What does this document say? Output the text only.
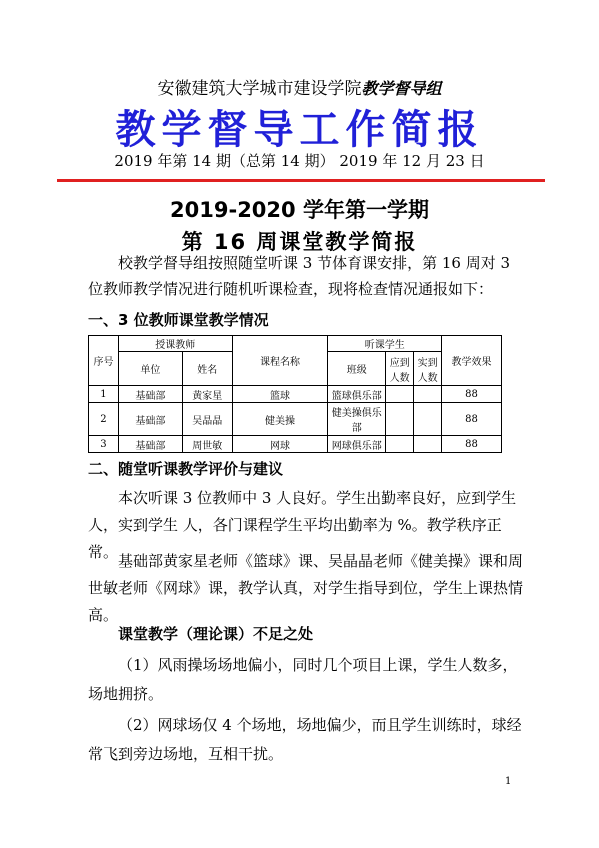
安徽建筑大学城市建设学院教学督导组
教学督导工作简报
2019 年第 14 期（总第 14 期） 2019 年 12 月 23 日
2019-2020 学年第一学期
第 16 周课堂教学简报
校教学督导组按照随堂听课 3 节体育课安排，第 16 周对 3 位教师教学情况进行随机听课检查，现将检查情况通报如下：
一、3 位教师课堂教学情况
序号	授课教师		课程名称	听课学生			教学效果
	单位	姓名		班级	应到人数	实到人数	
1	基础部	黄家星	篮球	篮球俱乐部			88
2	基础部	吴晶晶	健美操	健美操俱乐部			88
3	基础部	周世敏	网球	网球俱乐部			88
二、随堂听课教学评价与建议
本次听课 3 位教师中 3 人良好。学生出勤率良好，应到学生 人，实到学生 人，各门课程学生平均出勤率为 %。教学秩序正常。 基础部黄家星老师《篮球》课、吴晶晶老师《健美操》课和周世敏老师《网球》课，教学认真，对学生指导到位，学生上课热情高。
课堂教学（理论课）不足之处
（1）风雨操场场地偏小，同时几个项目上课，学生人数多，场地拥挤。
（2）网球场仅 4 个场地，场地偏少，而且学生训练时，球经常飞到旁边场地，互相干扰。
1
